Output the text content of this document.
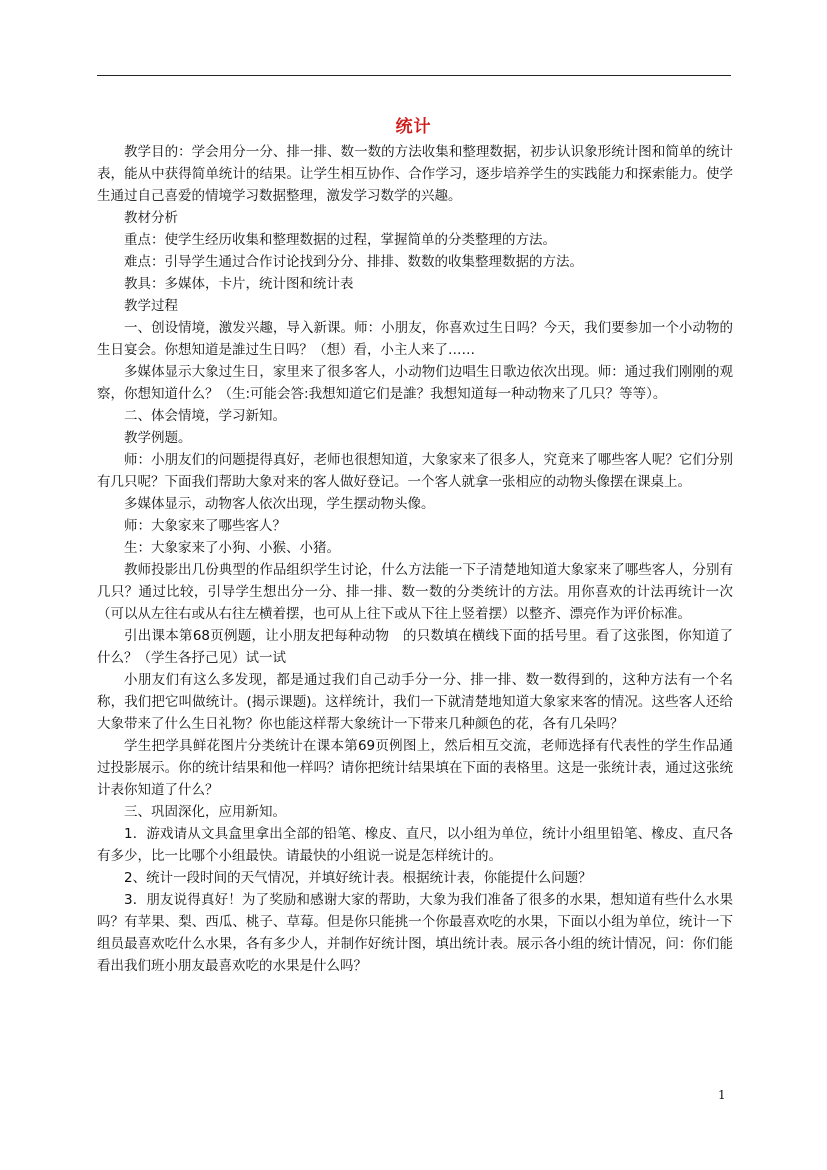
统计

教学目的：学会用分一分、排一排、数一数的方法收集和整理数据，初步认识象形统计图和简单的统计表，能从中获得简单统计的结果。让学生相互协作、合作学习，逐步培养学生的实践能力和探索能力。使学生通过自己喜爱的情境学习数据整理，激发学习数学的兴趣。

教材分析

重点：使学生经历收集和整理数据的过程，掌握简单的分类整理的方法。

难点：引导学生通过合作讨论找到分分、排排、数数的收集整理数据的方法。

教具：多媒体，卡片，统计图和统计表

教学过程

一、创设情境，激发兴趣，导入新课。师：小朋友，你喜欢过生日吗？今天，我们要参加一个小动物的生日宴会。你想知道是誰过生日吗？（想）看，小主人来了……

多媒体显示大象过生日，家里来了很多客人，小动物们边唱生日歌边依次出现。师：通过我们刚刚的观察，你想知道什么？（生:可能会答:我想知道它们是誰？我想知道每一种动物来了几只？等等）。

二、体会情境，学习新知。

教学例题。

师：小朋友们的问题提得真好，老师也很想知道，大象家来了很多人，究竟来了哪些客人呢？它们分别有几只呢？下面我们帮助大象对来的客人做好登记。一个客人就拿一张相应的动物头像摆在课桌上。

多媒体显示，动物客人依次出现，学生摆动物头像。

师：大象家来了哪些客人？

生：大象家来了小狗、小猴、小猪。

教师投影出几份典型的作品组织学生讨论，什么方法能一下子清楚地知道大象家来了哪些客人，分别有几只？通过比较，引导学生想出分一分、排一排、数一数的分类统计的方法。用你喜欢的计法再统计一次（可以从左往右或从右往左横着摆，也可从上往下或从下往上竖着摆）以整齐、漂亮作为评价标准。

引出课本第68页例题，让小朋友把每种动物　的只数填在横线下面的括号里。看了这张图，你知道了什么？（学生各抒己见）试一试

小朋友们有这么多发现，都是通过我们自己动手分一分、排一排、数一数得到的，这种方法有一个名称，我们把它叫做统计。(揭示课题)。这样统计，我们一下就清楚地知道大象家来客的情况。这些客人还给大象带来了什么生日礼物？你也能这样帮大象统计一下带来几种颜色的花，各有几朵吗？

学生把学具鲜花图片分类统计在课本第69页例图上，然后相互交流，老师选择有代表性的学生作品通过投影展示。你的统计结果和他一样吗？请你把统计结果填在下面的表格里。这是一张统计表，通过这张统计表你知道了什么？

三、巩固深化，应用新知。

1．游戏请从文具盒里拿出全部的铅笔、橡皮、直尺，以小组为单位，统计小组里铅笔、橡皮、直尺各有多少，比一比哪个小组最快。请最快的小组说一说是怎样统计的。

2、统计一段时间的天气情况，并填好统计表。根据统计表，你能提什么问题？

3．朋友说得真好！为了奖励和感谢大家的帮助，大象为我们准备了很多的水果，想知道有些什么水果吗？有苹果、梨、西瓜、桃子、草莓。但是你只能挑一个你最喜欢吃的水果，下面以小组为单位，统计一下组员最喜欢吃什么水果，各有多少人，并制作好统计图，填出统计表。展示各小组的统计情况，问：你们能看出我们班小朋友最喜欢吃的水果是什么吗？

1
